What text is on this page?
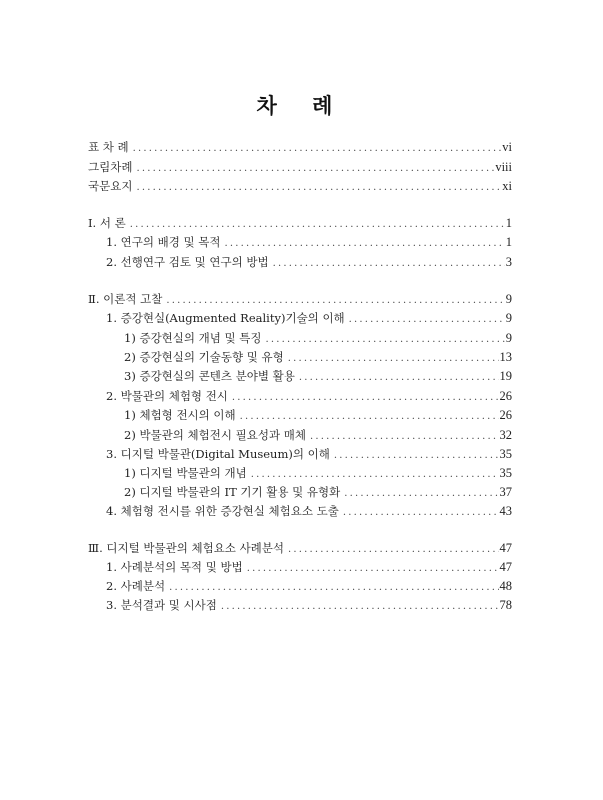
차 례
표 차 례 .....	vi
그림차례 .....	viii
국문요지 .....	xi
Ⅰ. 서 론 .....	1
1. 연구의 배경 및 목적 .....	1
2. 선행연구 검토 및 연구의 방법 .....	3
Ⅱ. 이론적 고찰 .....	9
1. 증강현실(Augmented Reality)기술의 이해 .....	9
1) 증강현실의 개념 및 특징 .....	9
2) 증강현실의 기술동향 및 유형 .....	13
3) 증강현실의 콘텐츠 분야별 활용 .....	19
2. 박물관의 체험형 전시 .....	26
1) 체험형 전시의 이해 .....	26
2) 박물관의 체험전시 필요성과 매체 .....	32
3. 디지털 박물관(Digital Museum)의 이해 .....	35
1) 디지털 박물관의 개념 .....	35
2) 디지털 박물관의 IT 기기 활용 및 유형화 .....	37
4. 체험형 전시를 위한 증강현실 체험요소 도출 .....	43
Ⅲ. 디지털 박물관의 체험요소 사례분석 .....	47
1. 사례분석의 목적 및 방법 .....	47
2. 사례분석 .....	48
3. 분석결과 및 시사점 .....	78
